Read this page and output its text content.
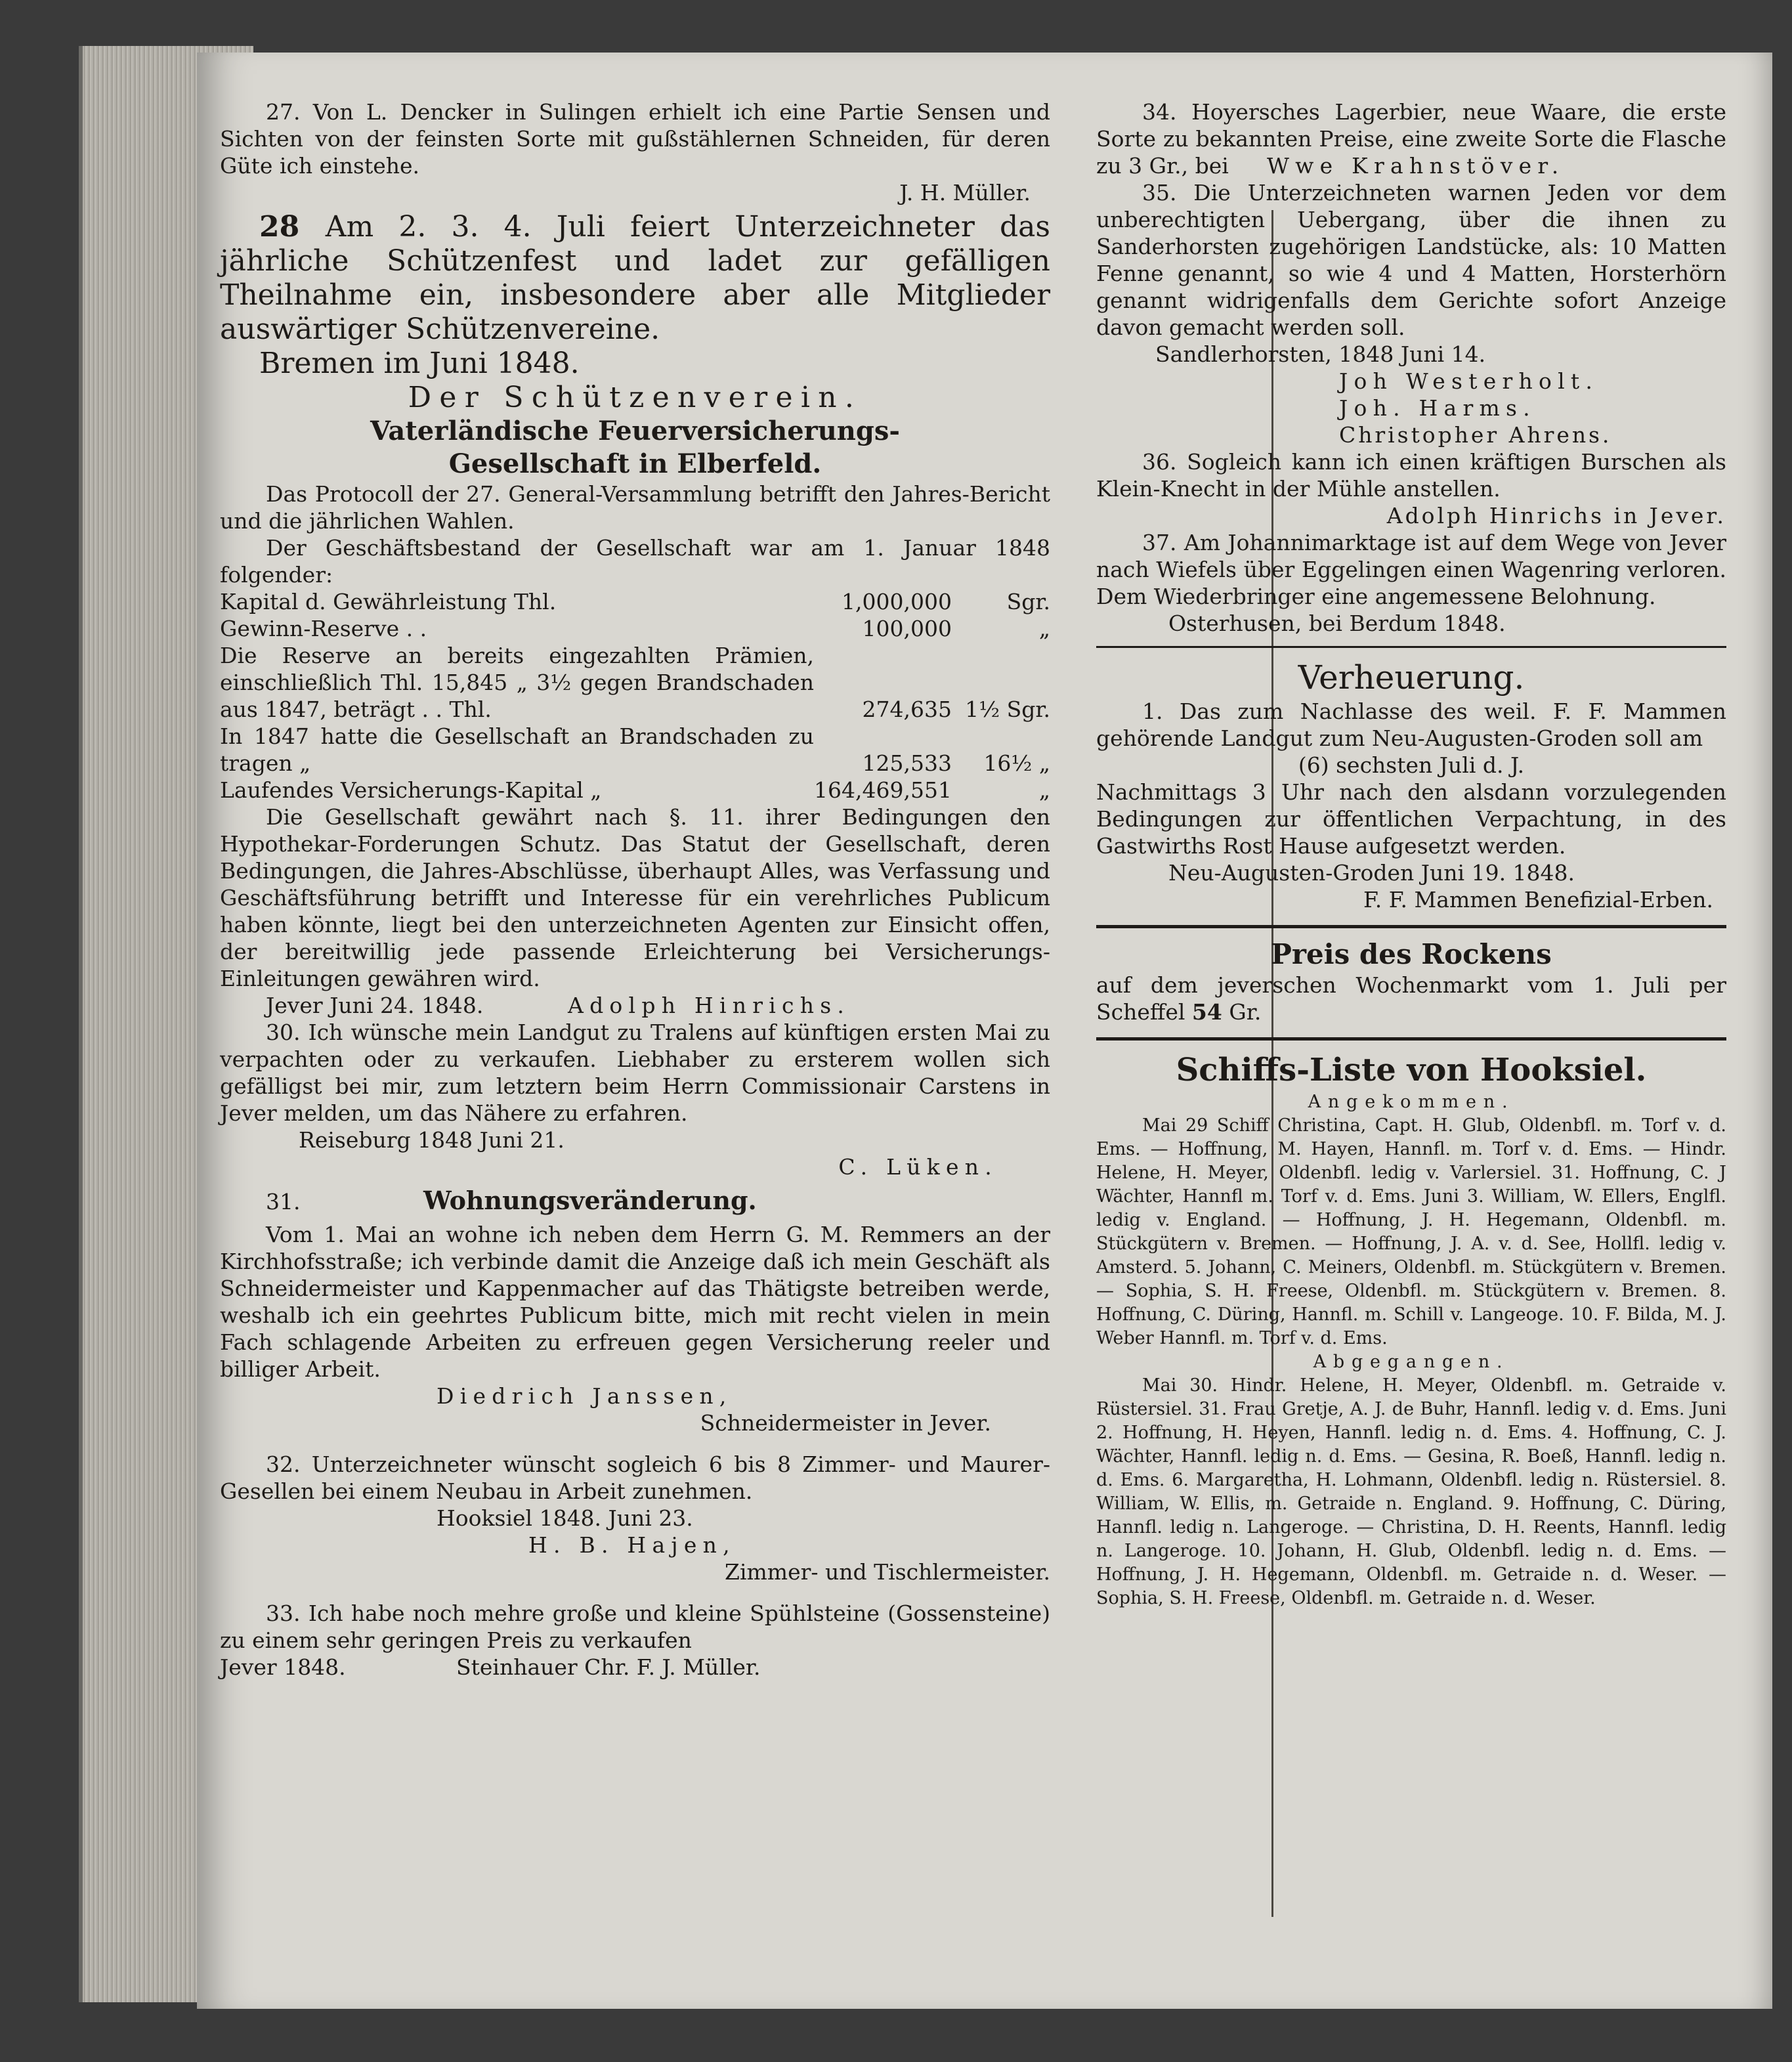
27. Von L. Dencker in Sulingen erhielt ich eine Partie Sensen und Sichten von der feinsten Sorte mit gußstählernen Schneiden, für deren Güte ich einstehe.

J. H. Müller.

28 Am 2. 3. 4. Juli feiert Unterzeichneter das jährliche Schützenfest und ladet zur gefälligen Theilnahme ein, insbesondere aber alle Mitglieder auswärtiger Schützenvereine.

Bremen im Juni 1848.
Der Schützenverein.
Vaterländische Feuerversicherungs-
Gesellschaft in Elberfeld.

Das Protocoll der 27. General-Versammlung betrifft den Jahres-Bericht und die jährlichen Wahlen.

Der Geschäftsbestand der Gesellschaft war am 1. Januar 1848 folgender:

Kapital d. Gewährleistung Thl.	1,000,000	Sgr.
Gewinn-Reserve . .	100,000	„
Die Reserve an bereits eingezahlten Prämien, einschließlich Thl. 15,845 „ 3½ gegen Brandschaden aus 1847, beträgt . . Thl.	274,635	1½ Sgr.
In 1847 hatte die Gesellschaft an Brandschaden zu tragen „	125,533	16½ „
Laufendes Versicherungs-Kapital „	164,469,551	„

Die Gesellschaft gewährt nach §. 11. ihrer Bedingungen den Hypothekar-Forderungen Schutz. Das Statut der Gesellschaft, deren Bedingungen, die Jahres-Abschlüsse, überhaupt Alles, was Verfassung und Geschäftsführung betrifft und Interesse für ein verehrliches Publicum haben könnte, liegt bei den unterzeichneten Agenten zur Einsicht offen, der bereitwillig jede passende Erleichterung bei Versicherungs-Einleitungen gewähren wird.

Jever Juni 24. 1848.	Adolph Hinrichs.

30. Ich wünsche mein Landgut zu Tralens auf künftigen ersten Mai zu verpachten oder zu verkaufen. Liebhaber zu ersterem wollen sich gefälligst bei mir, zum letztern beim Herrn Commissionair Carstens in Jever melden, um das Nähere zu erfahren.

Reiseburg 1848 Juni 21.
C. Lüken.
31.	Wohnungsveränderung.

Vom 1. Mai an wohne ich neben dem Herrn G. M. Remmers an der Kirchhofsstraße; ich verbinde damit die Anzeige daß ich mein Geschäft als Schneidermeister und Kappenmacher auf das Thätigste betreiben werde, weshalb ich ein geehrtes Publicum bitte, mich mit recht vielen in mein Fach schlagende Arbeiten zu erfreuen gegen Versicherung reeler und billiger Arbeit.

Diedrich Janssen,
Schneidermeister in Jever.

32. Unterzeichneter wünscht sogleich 6 bis 8 Zimmer- und Maurer-Gesellen bei einem Neubau in Arbeit zunehmen.

Hooksiel 1848. Juni 23.
H. B. Hajen,
Zimmer- und Tischlermeister.

33. Ich habe noch mehre große und kleine Spühlsteine (Gossensteine) zu einem sehr geringen Preis zu verkaufen

Jever 1848.	Steinhauer Chr. F. J. Müller.

34. Hoyersches Lagerbier, neue Waare, die erste Sorte zu bekannten Preise, eine zweite Sorte die Flasche zu 3 Gr., bei	Wwe Krahnstöver.

35. Die Unterzeichneten warnen Jeden vor dem unberechtigten Uebergang, über die ihnen zu Sanderhorsten zugehörigen Landstücke, als: 10 Matten Fenne genannt, so wie 4 und 4 Matten, Horsterhörn genannt widrigenfalls dem Gerichte sofort Anzeige davon gemacht werden soll.

Sandlerhorsten, 1848 Juni 14.
Joh Westerholt.
Joh. Harms.
Christopher Ahrens.

36. Sogleich kann ich einen kräftigen Burschen als Klein-Knecht in der Mühle anstellen.

Adolph Hinrichs in Jever.

37. Am Johannimarktage ist auf dem Wege von Jever nach Wiefels über Eggelingen einen Wagenring verloren. Dem Wiederbringer eine angemessene Belohnung.

Osterhusen, bei Berdum 1848.
Verheuerung.

1. Das zum Nachlasse des weil. F. F. Mammen gehörende Landgut zum Neu-Augusten-Groden soll am

(6) sechsten Juli d. J.

Nachmittags 3 Uhr nach den alsdann vorzulegenden Bedingungen zur öffentlichen Verpachtung, in des Gastwirths Rost Hause aufgesetzt werden.

Neu-Augusten-Groden Juni 19. 1848.
F. F. Mammen Benefizial-Erben.
Preis des Rockens

auf dem jeverschen Wochenmarkt vom 1. Juli per Scheffel 54 Gr.

Schiffs-Liste von Hooksiel.
Angekommen.

Mai 29 Schiff Christina, Capt. H. Glub, Oldenbfl. m. Torf v. d. Ems. — Hoffnung, M. Hayen, Hannfl. m. Torf v. d. Ems. — Hindr. Helene, H. Meyer, Oldenbfl. ledig v. Varlersiel. 31. Hoffnung, C. J Wächter, Hannfl m. Torf v. d. Ems. Juni 3. William, W. Ellers, Englfl. ledig v. England. — Hoffnung, J. H. Hegemann, Oldenbfl. m. Stückgütern v. Bremen. — Hoffnung, J. A. v. d. See, Hollfl. ledig v. Amsterd. 5. Johann, C. Meiners, Oldenbfl. m. Stückgütern v. Bremen. — Sophia, S. H. Freese, Oldenbfl. m. Stückgütern v. Bremen. 8. Hoffnung, C. Düring, Hannfl. m. Schill v. Langeoge. 10. F. Bilda, M. J. Weber Hannfl. m. Torf v. d. Ems.

Abgegangen.

Mai 30. Hindr. Helene, H. Meyer, Oldenbfl. m. Getraide v. Rüstersiel. 31. Frau Gretje, A. J. de Buhr, Hannfl. ledig v. d. Ems. Juni 2. Hoffnung, H. Heyen, Hannfl. ledig n. d. Ems. 4. Hoffnung, C. J. Wächter, Hannfl. ledig n. d. Ems. — Gesina, R. Boeß, Hannfl. ledig n. d. Ems. 6. Margaretha, H. Lohmann, Oldenbfl. ledig n. Rüstersiel. 8. William, W. Ellis, m. Getraide n. England. 9. Hoffnung, C. Düring, Hannfl. ledig n. Langeroge. — Christina, D. H. Reents, Hannfl. ledig n. Langeroge. 10. Johann, H. Glub, Oldenbfl. ledig n. d. Ems. — Hoffnung, J. H. Hegemann, Oldenbfl. m. Getraide n. d. Weser. — Sophia, S. H. Freese, Oldenbfl. m. Getraide n. d. Weser.
